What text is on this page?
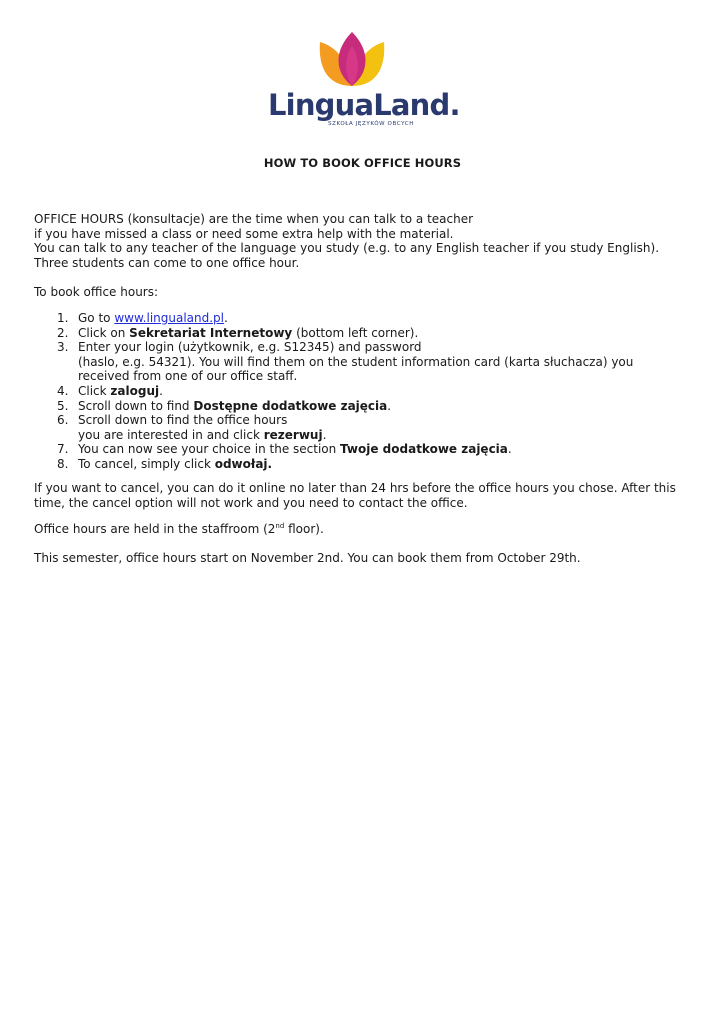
LinguaLand.
SZKOŁA JĘZYKÓW OBCYCH
HOW TO BOOK OFFICE HOURS
OFFICE HOURS (konsultacje) are the time when you can talk to a teacher
if you have missed a class or need some extra help with the material.
You can talk to any teacher of the language you study (e.g. to any English teacher if you study English). Three students can come to one office hour.
To book office hours:
1. Go to www.lingualand.pl.
2. Click on Sekretariat Internetowy (bottom left corner).
3. Enter your login (użytkownik, e.g. S12345) and password
(haslo, e.g. 54321). You will find them on the student information card (karta słuchacza) you received from one of our office staff.
4. Click zaloguj.
5. Scroll down to find Dostępne dodatkowe zajęcia.
6. Scroll down to find the office hours
you are interested in and click rezerwuj.
7. You can now see your choice in the section Twoje dodatkowe zajęcia.
8. To cancel, simply click odwołaj.
If you want to cancel, you can do it online no later than 24 hrs before the office hours you chose. After this time, the cancel option will not work and you need to contact the office.
Office hours are held in the staffroom (2nd floor).
This semester, office hours start on November 2nd. You can book them from October 29th.
